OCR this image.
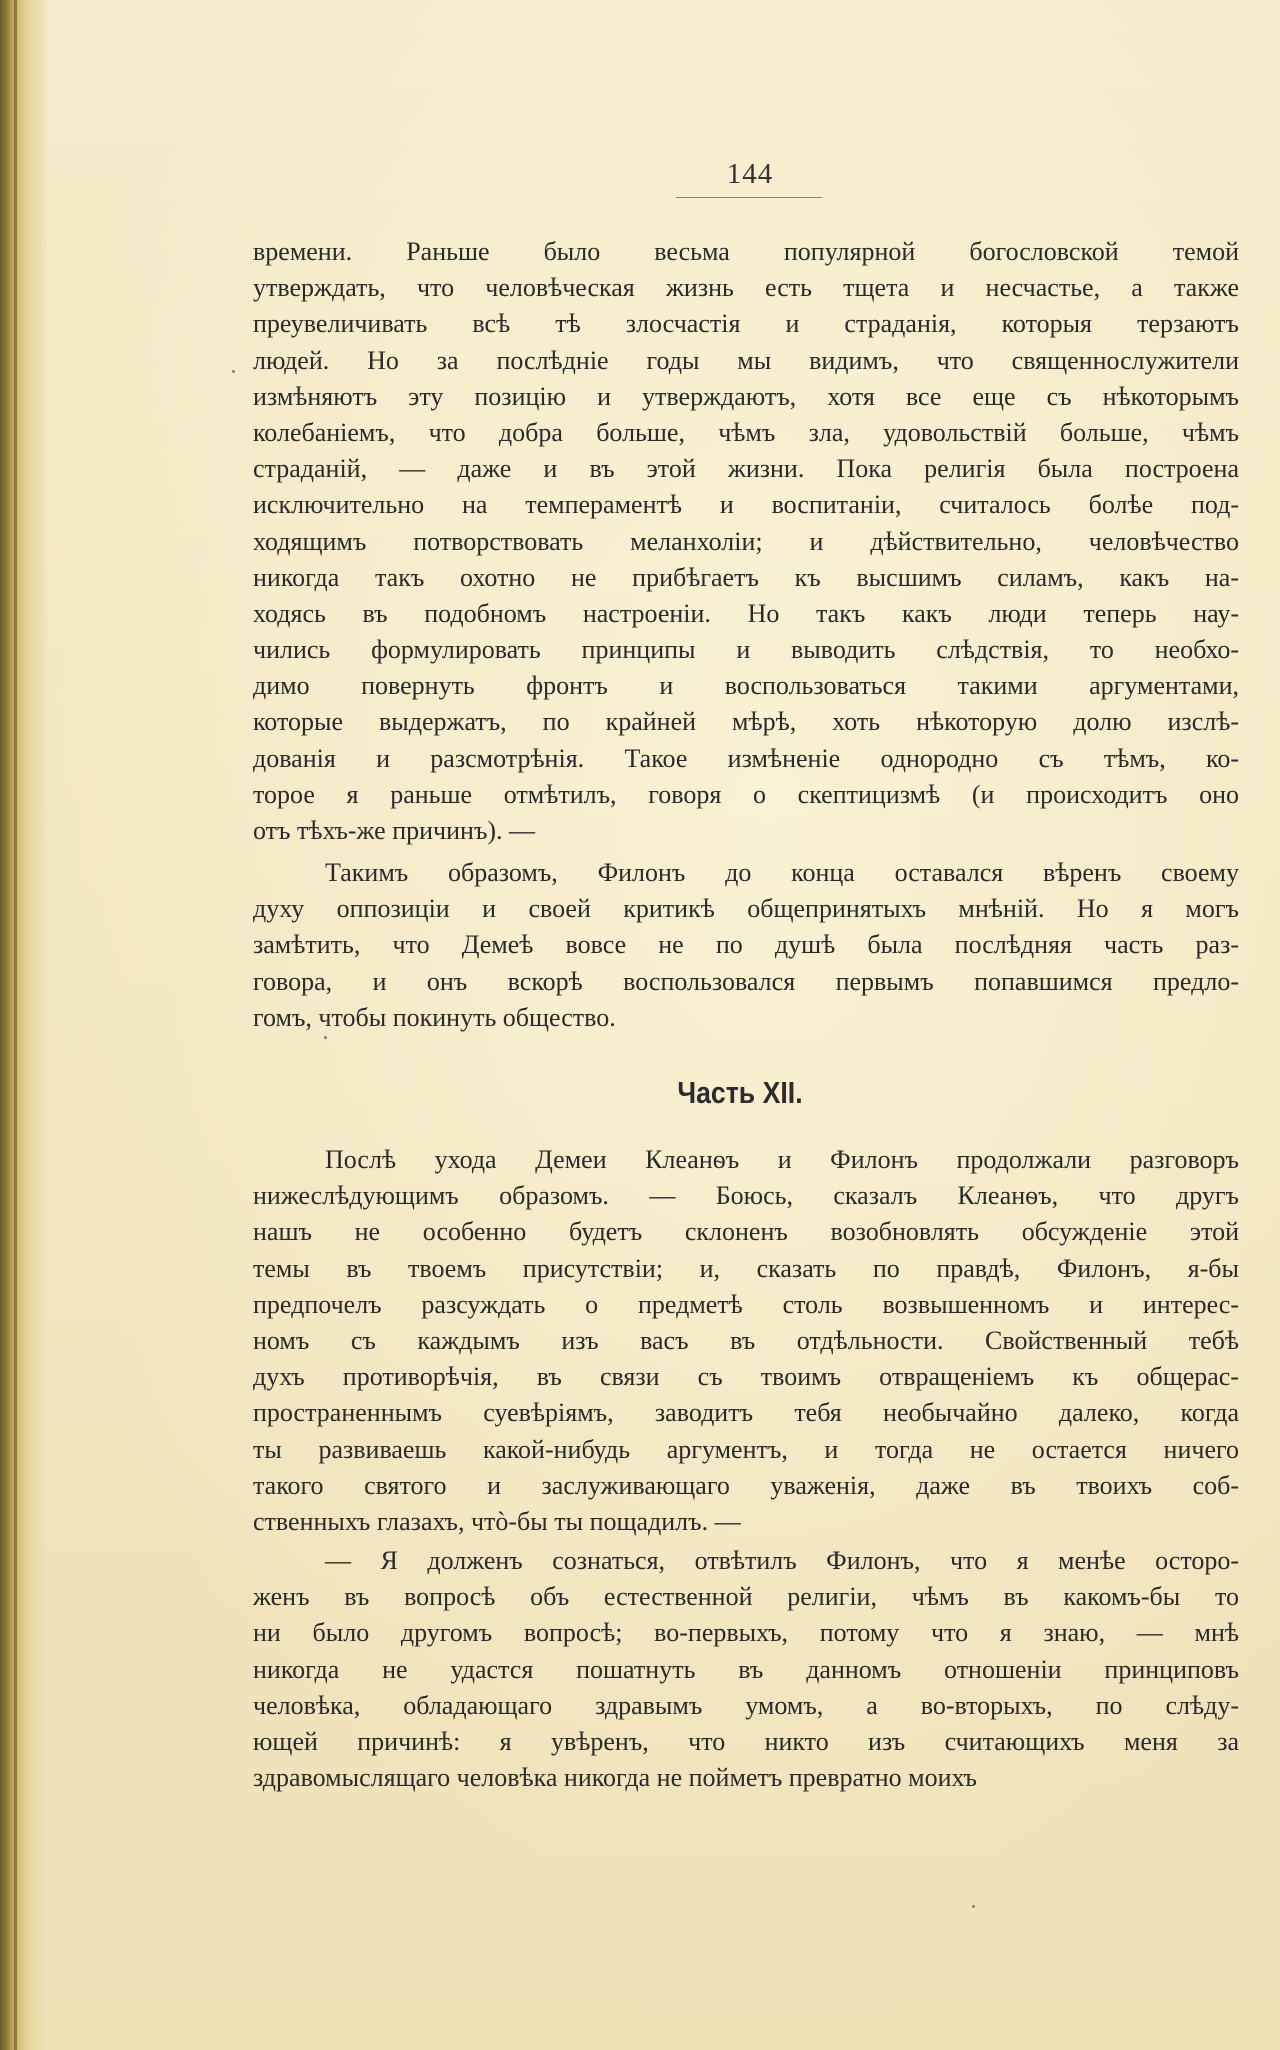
144
времени. Раньше было весьма популярной богословской темой
утверждать, что человѣческая жизнь есть тщета и несчастье, а также
преувеличивать всѣ тѣ злосчастія и страданія, которыя терзаютъ
людей. Но за послѣдніе годы мы видимъ, что священнослужители
измѣняютъ эту позицію и утверждаютъ, хотя все еще съ нѣкоторымъ
колебаніемъ, что добра больше, чѣмъ зла, удовольствій больше, чѣмъ
страданій, — даже и въ этой жизни. Пока религія была построена
исключительно на темпераментѣ и воспитаніи, считалось болѣе под-
ходящимъ потворствовать меланхоліи; и дѣйствительно, человѣчество
никогда такъ охотно не прибѣгаетъ къ высшимъ силамъ, какъ на-
ходясь въ подобномъ настроеніи. Но такъ какъ люди теперь нау-
чились формулировать принципы и выводить слѣдствія, то необхо-
димо повернуть фронтъ и воспользоваться такими аргументами,
которые выдержатъ, по крайней мѣрѣ, хоть нѣкоторую долю изслѣ-
дованія и разсмотрѣнія. Такое измѣненіе однородно съ тѣмъ, ко-
торое я раньше отмѣтилъ, говоря о скептицизмѣ (и происходитъ оно
отъ тѣхъ-же причинъ). —
Такимъ образомъ, Филонъ до конца оставался вѣренъ своему
духу оппозиціи и своей критикѣ общепринятыхъ мнѣній. Но я могъ
замѣтить, что Демеѣ вовсе не по душѣ была послѣдняя часть раз-
говора, и онъ вскорѣ воспользовался первымъ попавшимся предло-
гомъ, чтобы покинуть общество.
Часть XII.
Послѣ ухода Демеи Клеанѳъ и Филонъ продолжали разговоръ
нижеслѣдующимъ образомъ. — Боюсь, сказалъ Клеанѳъ, что другъ
нашъ не особенно будетъ склоненъ возобновлять обсужденіе этой
темы въ твоемъ присутствіи; и, сказать по правдѣ, Филонъ, я-бы
предпочелъ разсуждать о предметѣ столь возвышенномъ и интерес-
номъ съ каждымъ изъ васъ въ отдѣльности. Свойственный тебѣ
духъ противорѣчія, въ связи съ твоимъ отвращеніемъ къ общерас-
пространеннымъ суевѣріямъ, заводитъ тебя необычайно далеко, когда
ты развиваешь какой-нибудь аргументъ, и тогда не остается ничего
такого святого и заслуживающаго уваженія, даже въ твоихъ соб-
ственныхъ глазахъ, чтò-бы ты пощадилъ. —
— Я долженъ сознаться, отвѣтилъ Филонъ, что я менѣе осторо-
женъ въ вопросѣ объ естественной религіи, чѣмъ въ какомъ-бы то
ни было другомъ вопросѣ; во-первыхъ, потому что я знаю, — мнѣ
никогда не удастся пошатнуть въ данномъ отношеніи принциповъ
человѣка, обладающаго здравымъ умомъ, а во-вторыхъ, по слѣду-
ющей причинѣ: я увѣренъ, что никто изъ считающихъ меня за
здравомыслящаго человѣка никогда не пойметъ превратно моихъ
